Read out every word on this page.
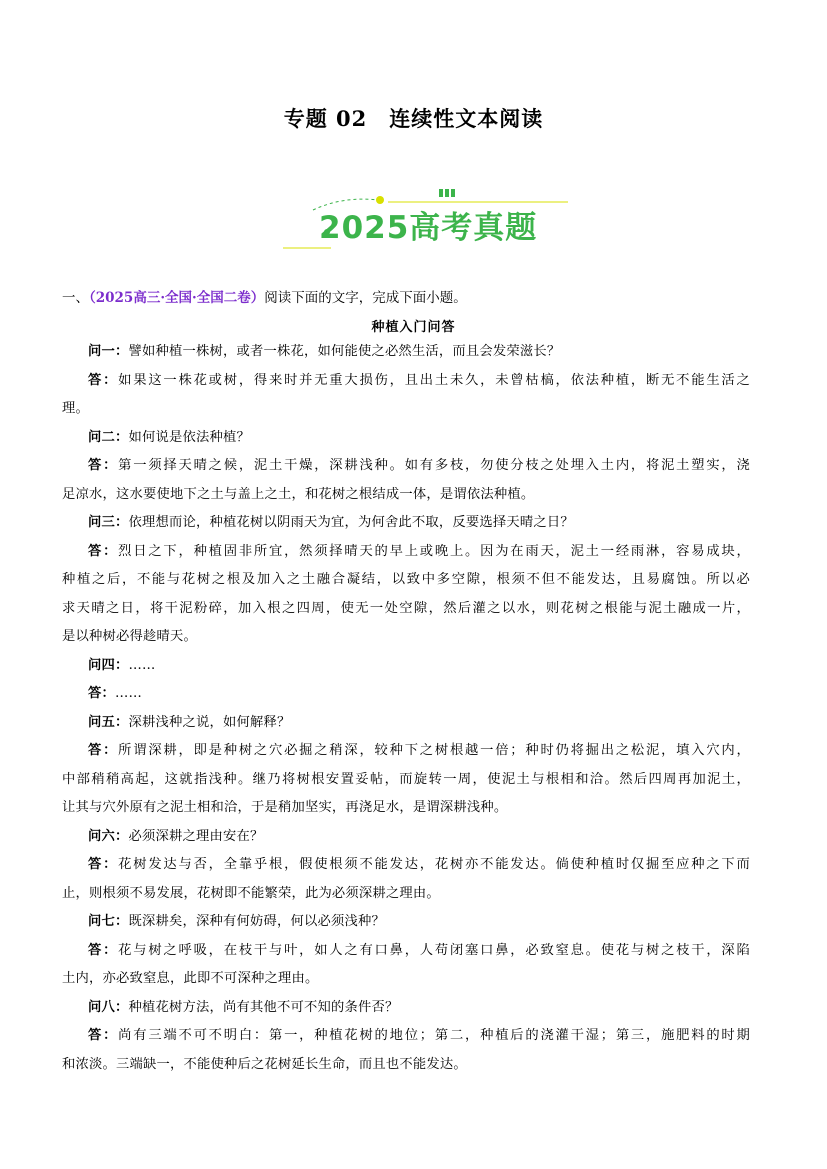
专题 02 连续性文本阅读
2025高考真题
一、（2025高三·全国·全国二卷）阅读下面的文字，完成下面小题。
种植入门问答
问一：譬如种植一株树，或者一株花，如何能使之必然生活，而且会发荣滋长？
答：如果这一株花或树，得来时并无重大损伤，且出土未久，未曾枯槁，依法种植，断无不能生活之
理。
问二：如何说是依法种植？
答：第一须择天晴之候，泥土干燥，深耕浅种。如有多枝，勿使分枝之处埋入土内，将泥土塑实，浇
足凉水，这水要使地下之土与盖上之土，和花树之根结成一体，是谓依法种植。
问三：依理想而论，种植花树以阴雨天为宜，为何舍此不取，反要选择天晴之日？
答：烈日之下，种植固非所宜，然须择晴天的早上或晚上。因为在雨天，泥土一经雨淋，容易成块，
种植之后，不能与花树之根及加入之土融合凝结，以致中多空隙，根须不但不能发达，且易腐蚀。所以必
求天晴之日，将干泥粉碎，加入根之四周，使无一处空隙，然后灌之以水，则花树之根能与泥土融成一片，
是以种树必得趁晴天。
问四：……
答：……
问五：深耕浅种之说，如何解释？
答：所谓深耕，即是种树之穴必掘之稍深，较种下之树根越一倍；种时仍将掘出之松泥，填入穴内，
中部稍稍高起，这就指浅种。继乃将树根安置妥帖，而旋转一周，使泥土与根相和洽。然后四周再加泥土，
让其与穴外原有之泥土相和洽，于是稍加坚实，再浇足水，是谓深耕浅种。
问六：必须深耕之理由安在？
答：花树发达与否，全靠乎根，假使根须不能发达，花树亦不能发达。倘使种植时仅掘至应种之下而
止，则根须不易发展，花树即不能繁荣，此为必须深耕之理由。
问七：既深耕矣，深种有何妨碍，何以必须浅种？
答：花与树之呼吸，在枝干与叶，如人之有口鼻，人苟闭塞口鼻，必致窒息。使花与树之枝干，深陷
土内，亦必致窒息，此即不可深种之理由。
问八：种植花树方法，尚有其他不可不知的条件否？
答：尚有三端不可不明白：第一，种植花树的地位；第二，种植后的浇灌干湿；第三，施肥料的时期
和浓淡。三端缺一，不能使种后之花树延长生命，而且也不能发达。
